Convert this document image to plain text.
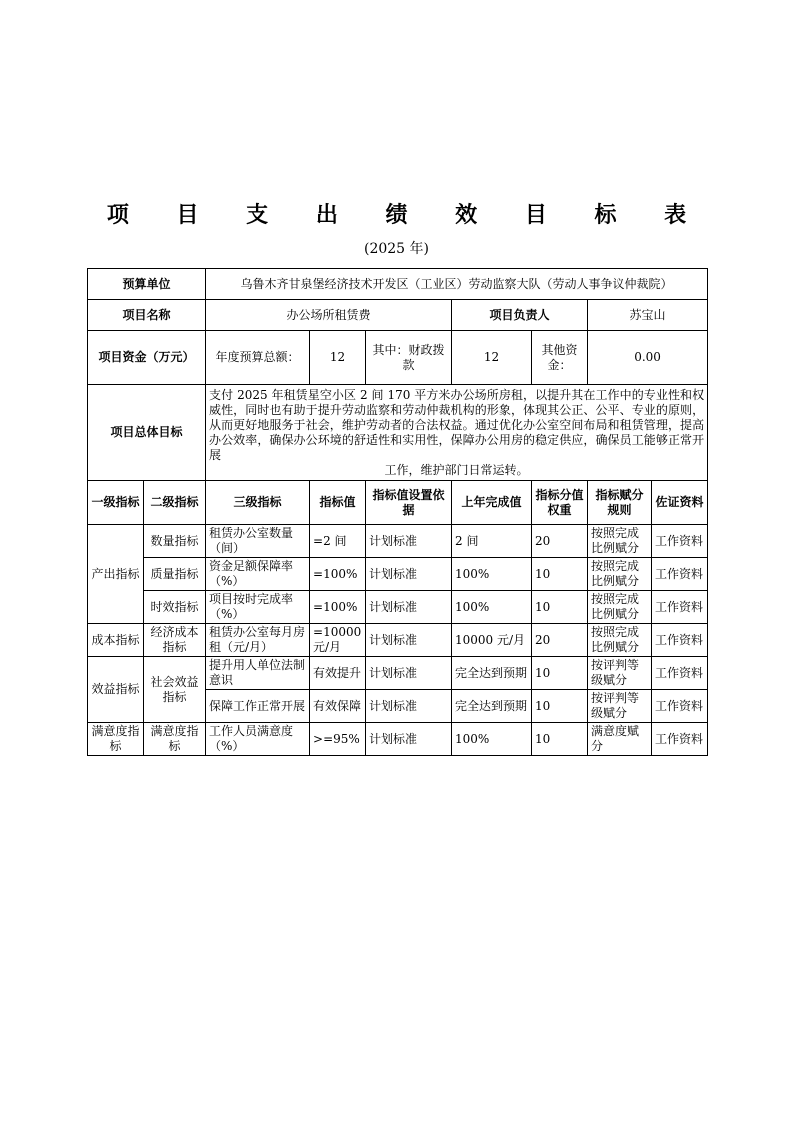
项 目 支 出 绩 效 目 标 表
(2025 年)
预算单位		乌鲁木齐甘泉堡经济技术开发区（工业区）劳动监察大队（劳动人事争议仲裁院）						
项目名称		办公场所租赁费			项目负责人		苏宝山	
项目资金（万元）		年度预算总额：	12	其中：财政拨款	12	其他资金：	0.00	
项目总体目标		支付 2025 年租赁星空小区 2 间 170 平方米办公场所房租，以提升其在工作中的专业性和权威性，同时也有助于提升劳动监察和劳动仲裁机构的形象，体现其公正、公平、专业的原则，从而更好地服务于社会，维护劳动者的合法权益。通过优化办公室空间布局和租赁管理，提高办公效率，确保办公环境的舒适性和实用性，保障办公用房的稳定供应，确保员工能够正常开展
工作，维护部门日常运转。						

一级指标	二级指标	三级指标	指标值	指标值设置依据	上年完成值	指标分值权重	指标赋分规则	佐证资料
产出指标	数量指标	租赁办公室数量（间）	=2 间	计划标准	2 间	20	按照完成比例赋分	工作资料
	质量指标	资金足额保障率（%）	=100%	计划标准	100%	10	按照完成比例赋分	工作资料
	时效指标	项目按时完成率（%）	=100%	计划标准	100%	10	按照完成比例赋分	工作资料
成本指标	经济成本指标	租赁办公室每月房租（元/月）	=10000 元/月	计划标准	10000 元/月	20	按照完成比例赋分	工作资料
效益指标	社会效益指标	提升用人单位法制意识	有效提升	计划标准	完全达到预期	10	按评判等级赋分	工作资料
		保障工作正常开展	有效保障	计划标准	完全达到预期	10	按评判等级赋分	工作资料
满意度指标	满意度指标	工作人员满意度（%）	>=95%	计划标准	100%	10	满意度赋分	工作资料
